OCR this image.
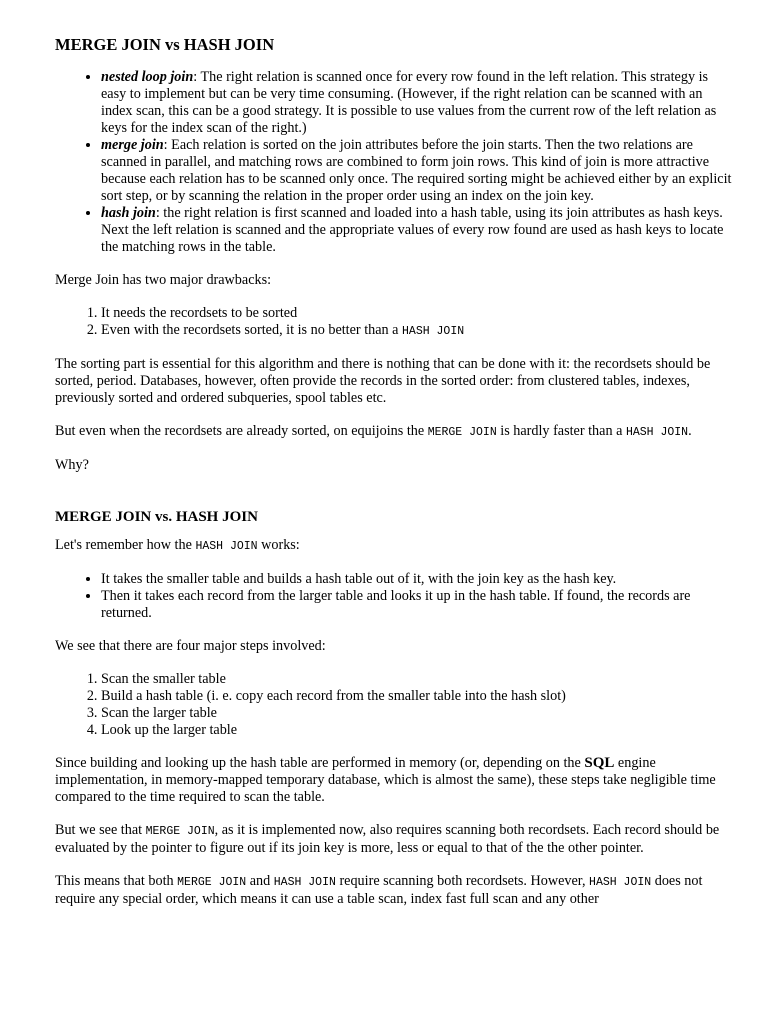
MERGE JOIN vs HASH JOIN
• nested loop join: The right relation is scanned once for every row found in the left relation. This strategy is easy to implement but can be very time consuming. (However, if the right relation can be scanned with an index scan, this can be a good strategy. It is possible to use values from the current row of the left relation as keys for the index scan of the right.)
• merge join: Each relation is sorted on the join attributes before the join starts. Then the two relations are scanned in parallel, and matching rows are combined to form join rows. This kind of join is more attractive because each relation has to be scanned only once. The required sorting might be achieved either by an explicit sort step, or by scanning the relation in the proper order using an index on the join key.
• hash join: the right relation is first scanned and loaded into a hash table, using its join attributes as hash keys. Next the left relation is scanned and the appropriate values of every row found are used as hash keys to locate the matching rows in the table.

Merge Join has two major drawbacks:

1. It needs the recordsets to be sorted
2. Even with the recordsets sorted, it is no better than a HASH JOIN

The sorting part is essential for this algorithm and there is nothing that can be done with it: the recordsets should be sorted, period. Databases, however, often provide the records in the sorted order: from clustered tables, indexes, previously sorted and ordered subqueries, spool tables etc.

But even when the recordsets are already sorted, on equijoins the MERGE JOIN is hardly faster than a HASH JOIN.

Why?

MERGE JOIN vs. HASH JOIN

Let's remember how the HASH JOIN works:

• It takes the smaller table and builds a hash table out of it, with the join key as the hash key.
• Then it takes each record from the larger table and looks it up in the hash table. If found, the records are returned.

We see that there are four major steps involved:

1. Scan the smaller table
2. Build a hash table (i. e. copy each record from the smaller table into the hash slot)
3. Scan the larger table
4. Look up the larger table

Since building and looking up the hash table are performed in memory (or, depending on the SQL engine implementation, in memory-mapped temporary database, which is almost the same), these steps take negligible time compared to the time required to scan the table.

But we see that MERGE JOIN, as it is implemented now, also requires scanning both recordsets. Each record should be evaluated by the pointer to figure out if its join key is more, less or equal to that of the the other pointer.

This means that both MERGE JOIN and HASH JOIN require scanning both recordsets. However, HASH JOIN does not require any special order, which means it can use a table scan, index fast full scan and any other
